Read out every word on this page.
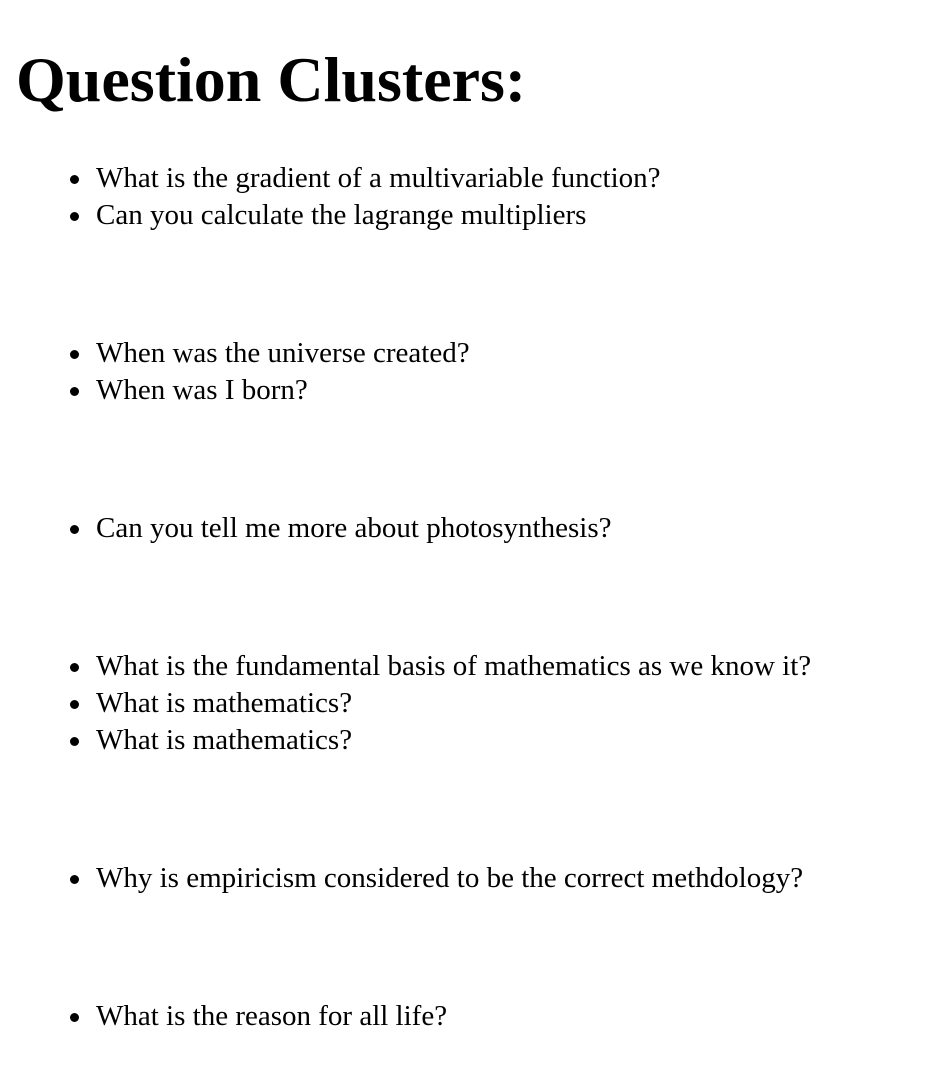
Question Clusters:
What is the gradient of a multivariable function?
Can you calculate the lagrange multipliers
When was the universe created?
When was I born?
Can you tell me more about photosynthesis?
What is the fundamental basis of mathematics as we know it?
What is mathematics?
What is mathematics?
Why is empiricism considered to be the correct methdology?
What is the reason for all life?
